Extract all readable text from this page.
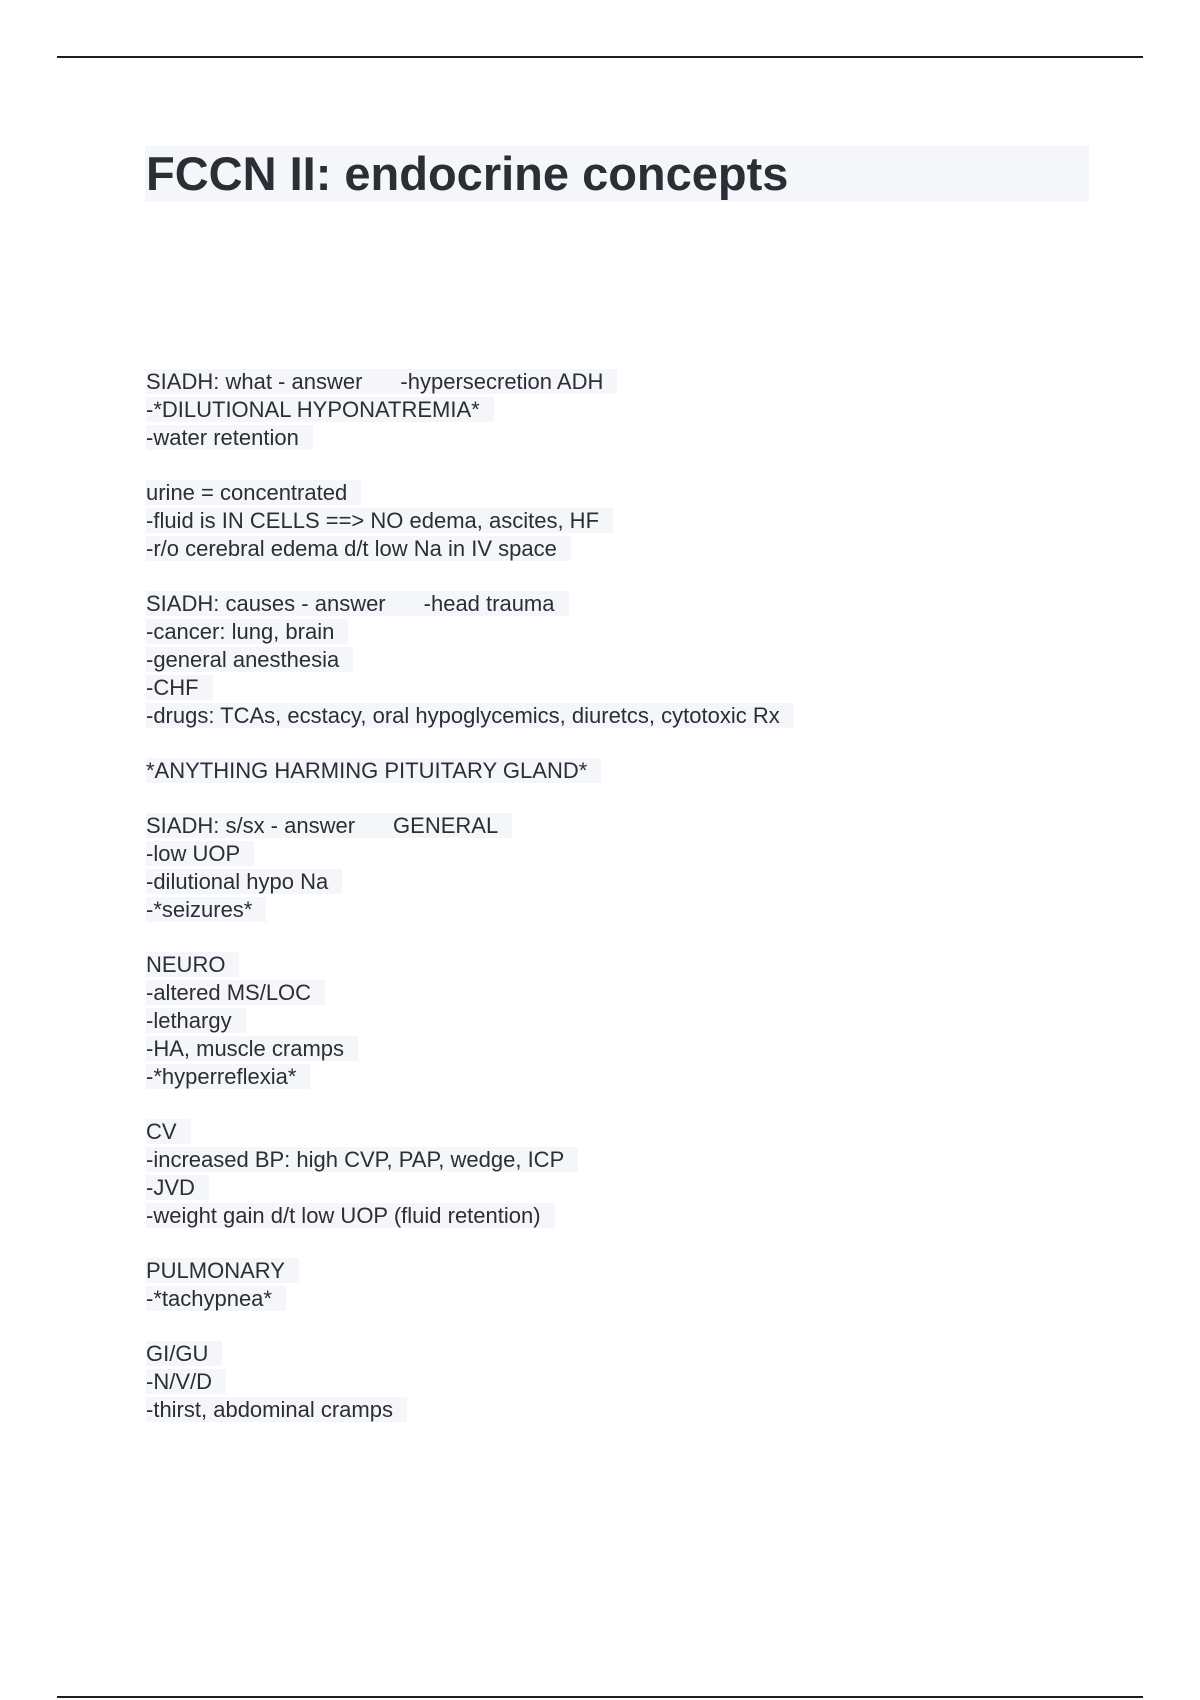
FCCN II: endocrine concepts
SIADH: what - answer -hypersecretion ADH
-*DILUTIONAL HYPONATREMIA*
-water retention
urine = concentrated
-fluid is IN CELLS ==> NO edema, ascites, HF
-r/o cerebral edema d/t low Na in IV space
SIADH: causes - answer -head trauma
-cancer: lung, brain
-general anesthesia
-CHF
-drugs: TCAs, ecstacy, oral hypoglycemics, diuretcs, cytotoxic Rx
*ANYTHING HARMING PITUITARY GLAND*
SIADH: s/sx - answer GENERAL
-low UOP
-dilutional hypo Na
-*seizures*
NEURO
-altered MS/LOC
-lethargy
-HA, muscle cramps
-*hyperreflexia*
CV
-increased BP: high CVP, PAP, wedge, ICP
-JVD
-weight gain d/t low UOP (fluid retention)
PULMONARY
-*tachypnea*
GI/GU
-N/V/D
-thirst, abdominal cramps
